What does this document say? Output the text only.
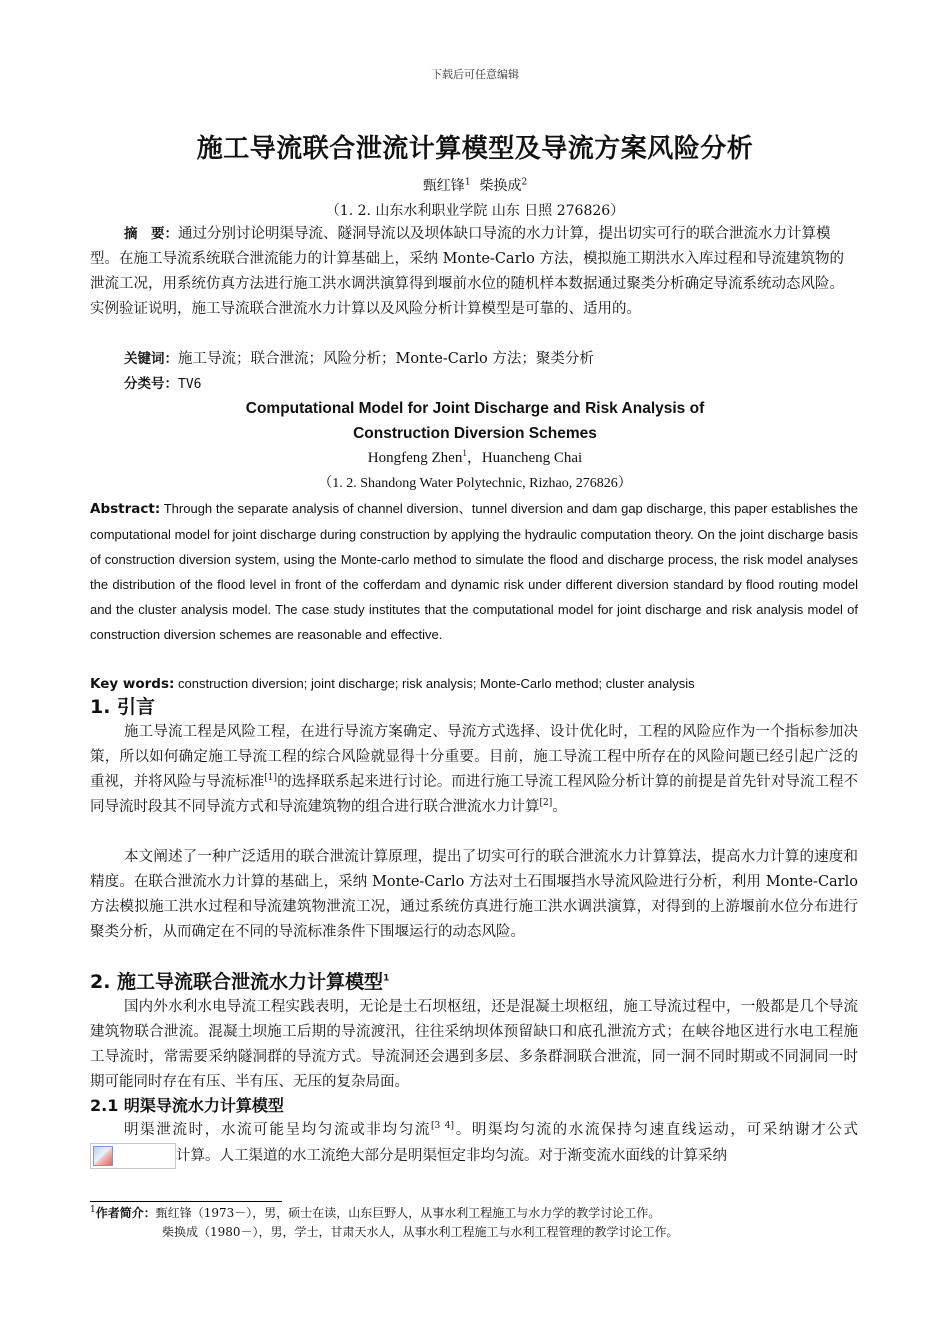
下载后可任意编辑
施工导流联合泄流计算模型及导流方案风险分析
甄红锋$^1$ 柴换成$^2$
（1. 2. 山东水利职业学院 山东 日照 276826）
摘　要：通过分别讨论明渠导流、隧洞导流以及坝体缺口导流的水力计算，提出切实可行的联合泄流水力计算模型。在施工导流系统联合泄流能力的计算基础上，采纳 Monte-Carlo 方法，模拟施工期洪水入库过程和导流建筑物的泄流工况，用系统仿真方法进行施工洪水调洪演算得到堰前水位的随机样本数据通过聚类分析确定导流系统动态风险。实例验证说明，施工导流联合泄流水力计算以及风险分析计算模型是可靠的、适用的。
关键词：施工导流；联合泄流；风险分析；Monte-Carlo 方法；聚类分析
分类号：TV6
Computational Model for Joint Discharge and Risk Analysis of
Construction Diversion Schemes
Hongfeng Zhen$^1$，Huancheng Chai
（1. 2. Shandong Water Polytechnic, Rizhao, 276826）
Abstract: Through the separate analysis of channel diversion、tunnel diversion and dam gap discharge, this paper establishes the computational model for joint discharge during construction by applying the hydraulic computation theory. On the joint discharge basis of construction diversion system, using the Monte-carlo method to simulate the flood and discharge process, the risk model analyses the distribution of the flood level in front of the cofferdam and dynamic risk under different diversion standard by flood routing model and the cluster analysis model. The case study institutes that the computational model for joint discharge and risk analysis model of construction diversion schemes are reasonable and effective.
Key words: construction diversion; joint discharge; risk analysis; Monte-Carlo method; cluster analysis
1. 引言
施工导流工程是风险工程，在进行导流方案确定、导流方式选择、设计优化时，工程的风险应作为一个指标参加决策，所以如何确定施工导流工程的综合风险就显得十分重要。目前，施工导流工程中所存在的风险问题已经引起广泛的重视，并将风险与导流标准[1]的选择联系起来进行讨论。而进行施工导流工程风险分析计算的前提是首先针对导流工程不同导流时段其不同导流方式和导流建筑物的组合进行联合泄流水力计算[2]。
本文阐述了一种广泛适用的联合泄流计算原理，提出了切实可行的联合泄流水力计算算法，提高水力计算的速度和精度。在联合泄流水力计算的基础上，采纳 Monte-Carlo 方法对土石围堰挡水导流风险进行分析，利用 Monte-Carlo 方法模拟施工洪水过程和导流建筑物泄流工况，通过系统仿真进行施工洪水调洪演算，对得到的上游堰前水位分布进行聚类分析，从而确定在不同的导流标准条件下围堰运行的动态风险。
2. 施工导流联合泄流水力计算模型$^1$
国内外水利水电导流工程实践表明，无论是土石坝枢纽，还是混凝土坝枢纽，施工导流过程中，一般都是几个导流建筑物联合泄流。混凝土坝施工后期的导流渡汛，往往采纳坝体预留缺口和底孔泄流方式；在峡谷地区进行水电工程施工导流时，常需要采纳隧洞群的导流方式。导流洞还会遇到多层、多条群洞联合泄流，同一洞不同时期或不同洞同一时期可能同时存在有压、半有压、无压的复杂局面。
2.1 明渠导流水力计算模型
明渠泄流时，水流可能呈均匀流或非均匀流[3 4]。明渠均匀流的水流保持匀速直线运动，可采纳谢才公式
计算。人工渠道的水工流绝大部分是明渠恒定非均匀流。对于渐变流水面线的计算采纳
$^1$作者简介：甄红锋（1973－），男，硕士在读，山东巨野人，从事水利工程施工与水力学的教学讨论工作。
柴换成（1980－），男，学士，甘肃天水人，从事水利工程施工与水利工程管理的教学讨论工作。
